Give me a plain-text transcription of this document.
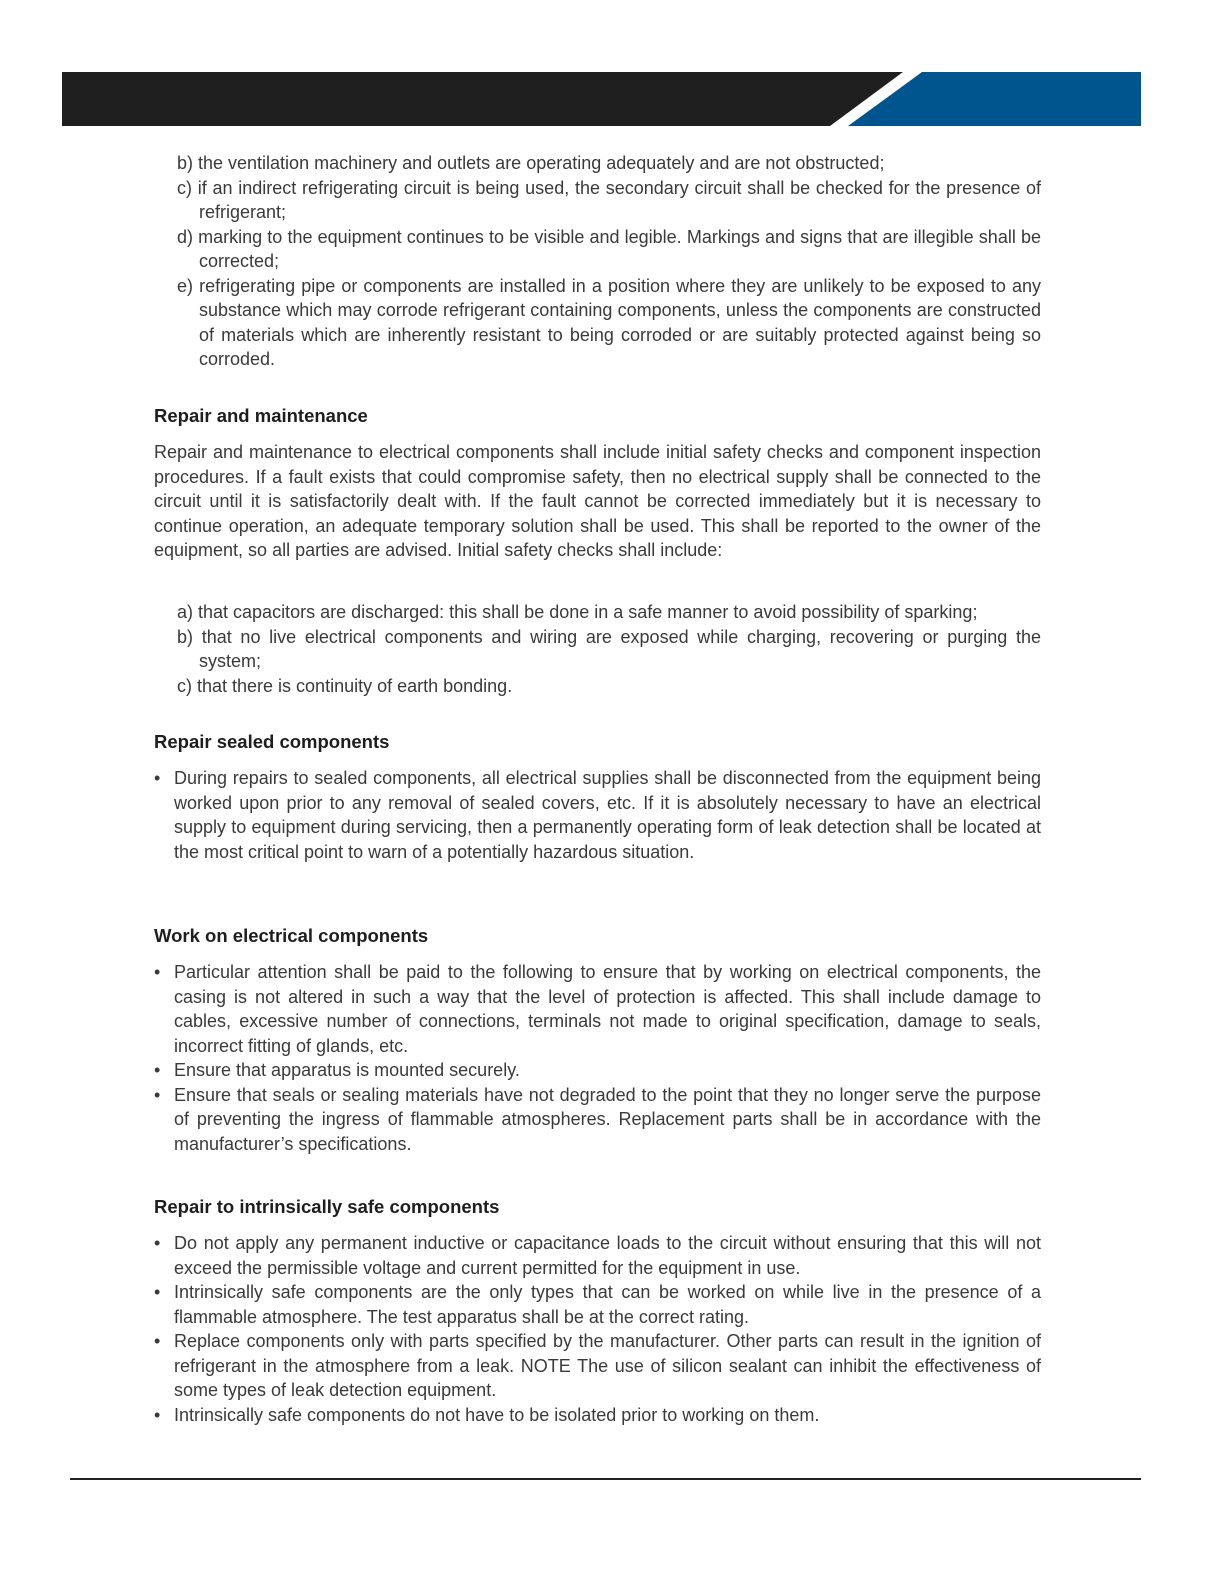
b) the ventilation machinery and outlets are operating adequately and are not obstructed;
c) if an indirect refrigerating circuit is being used, the secondary circuit shall be checked for the presence of refrigerant;
d) marking to the equipment continues to be visible and legible. Markings and signs that are illegible shall be corrected;
e) refrigerating pipe or components are installed in a position where they are unlikely to be exposed to any substance which may corrode refrigerant containing components, unless the components are constructed of materials which are inherently resistant to being corroded or are suitably protected against being so corroded.
Repair and maintenance
Repair and maintenance to electrical components shall include initial safety checks and component inspection procedures. If a fault exists that could compromise safety, then no electrical supply shall be connected to the circuit until it is satisfactorily dealt with. If the fault cannot be corrected immediately but it is necessary to continue operation, an adequate temporary solution shall be used. This shall be reported to the owner of the equipment, so all parties are advised. Initial safety checks shall include:
a) that capacitors are discharged: this shall be done in a safe manner to avoid possibility of sparking;
b) that no live electrical components and wiring are exposed while charging, recovering or purging the system;
c) that there is continuity of earth bonding.
Repair sealed components
• During repairs to sealed components, all electrical supplies shall be disconnected from the equipment being worked upon prior to any removal of sealed covers, etc. If it is absolutely necessary to have an electrical supply to equipment during servicing, then a permanently operating form of leak detection shall be located at the most critical point to warn of a potentially hazardous situation.
Work on electrical components
• Particular attention shall be paid to the following to ensure that by working on electrical components, the casing is not altered in such a way that the level of protection is affected. This shall include damage to cables, excessive number of connections, terminals not made to original specification, damage to seals, incorrect fitting of glands, etc.
• Ensure that apparatus is mounted securely.
• Ensure that seals or sealing materials have not degraded to the point that they no longer serve the purpose of preventing the ingress of flammable atmospheres. Replacement parts shall be in accordance with the manufacturer’s specifications.
Repair to intrinsically safe components
• Do not apply any permanent inductive or capacitance loads to the circuit without ensuring that this will not exceed the permissible voltage and current permitted for the equipment in use.
• Intrinsically safe components are the only types that can be worked on while live in the presence of a flammable atmosphere. The test apparatus shall be at the correct rating.
• Replace components only with parts specified by the manufacturer. Other parts can result in the ignition of refrigerant in the atmosphere from a leak. NOTE The use of silicon sealant can inhibit the effectiveness of some types of leak detection equipment.
• Intrinsically safe components do not have to be isolated prior to working on them.
